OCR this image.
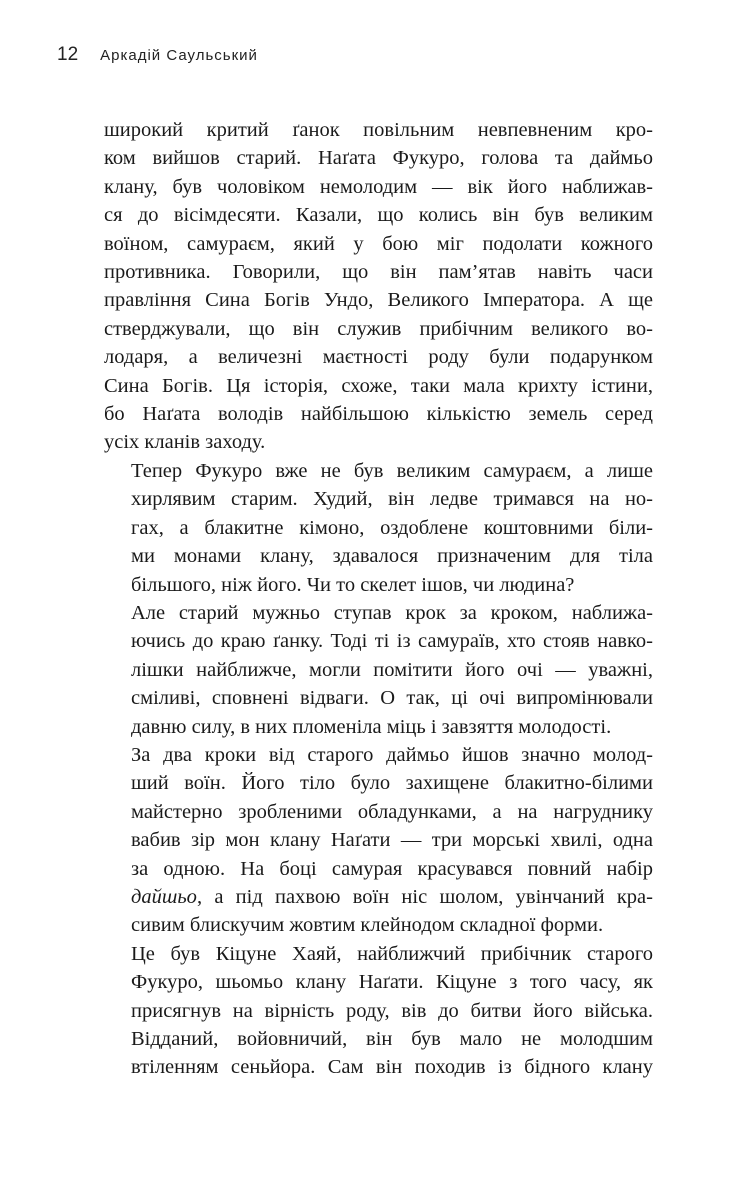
12 Аркадій Саульський

широкий критий ґанок повільним невпевненим кро-
ком вийшов старий. Наґата Фукуро, голова та даймьо
клану, був чоловіком немолодим — вік його наближав-
ся до вісімдесяти. Казали, що колись він був великим
воїном, самураєм, який у бою міг подолати кожного
противника. Говорили, що він пам’ятав навіть часи
правління Сина Богів Ундо, Великого Імператора. А ще
стверджували, що він служив прибічним великого во-
лодаря, а величезні маєтності роду були подарунком
Сина Богів. Ця історія, схоже, таки мала крихту істини,
бо Наґата володів найбільшою кількістю земель серед
усіх кланів заходу.

Тепер Фукуро вже не був великим самураєм, а лише
хирлявим старим. Худий, він ледве тримався на но-
гах, а блакитне кімоно, оздоблене коштовними біли-
ми монами клану, здавалося призначеним для тіла
більшого, ніж його. Чи то скелет ішов, чи людина?

Але старий мужньо ступав крок за кроком, наближа-
ючись до краю ґанку. Тоді ті із самураїв, хто стояв навко-
лішки найближче, могли помітити його очі — уважні,
сміливі, сповнені відваги. О так, ці очі випромінювали
давню силу, в них пломеніла міць і завзяття молодості.

За два кроки від старого даймьо йшов значно молод-
ший воїн. Його тіло було захищене блакитно-білими
майстерно зробленими обладунками, а на нагруднику
вабив зір мон клану Наґати — три морські хвилі, одна
за одною. На боці самурая красувався повний набір
дайшьо, а під пахвою воїн ніс шолом, увінчаний кра-
сивим блискучим жовтим клейнодом складної форми.

Це був Кіцуне Хаяй, найближчий прибічник старого
Фукуро, шьомьо клану Наґати. Кіцуне з того часу, як
присягнув на вірність роду, вів до битви його війська.
Відданий, войовничий, він був мало не молодшим
втіленням сеньйора. Сам він походив із бідного клану
